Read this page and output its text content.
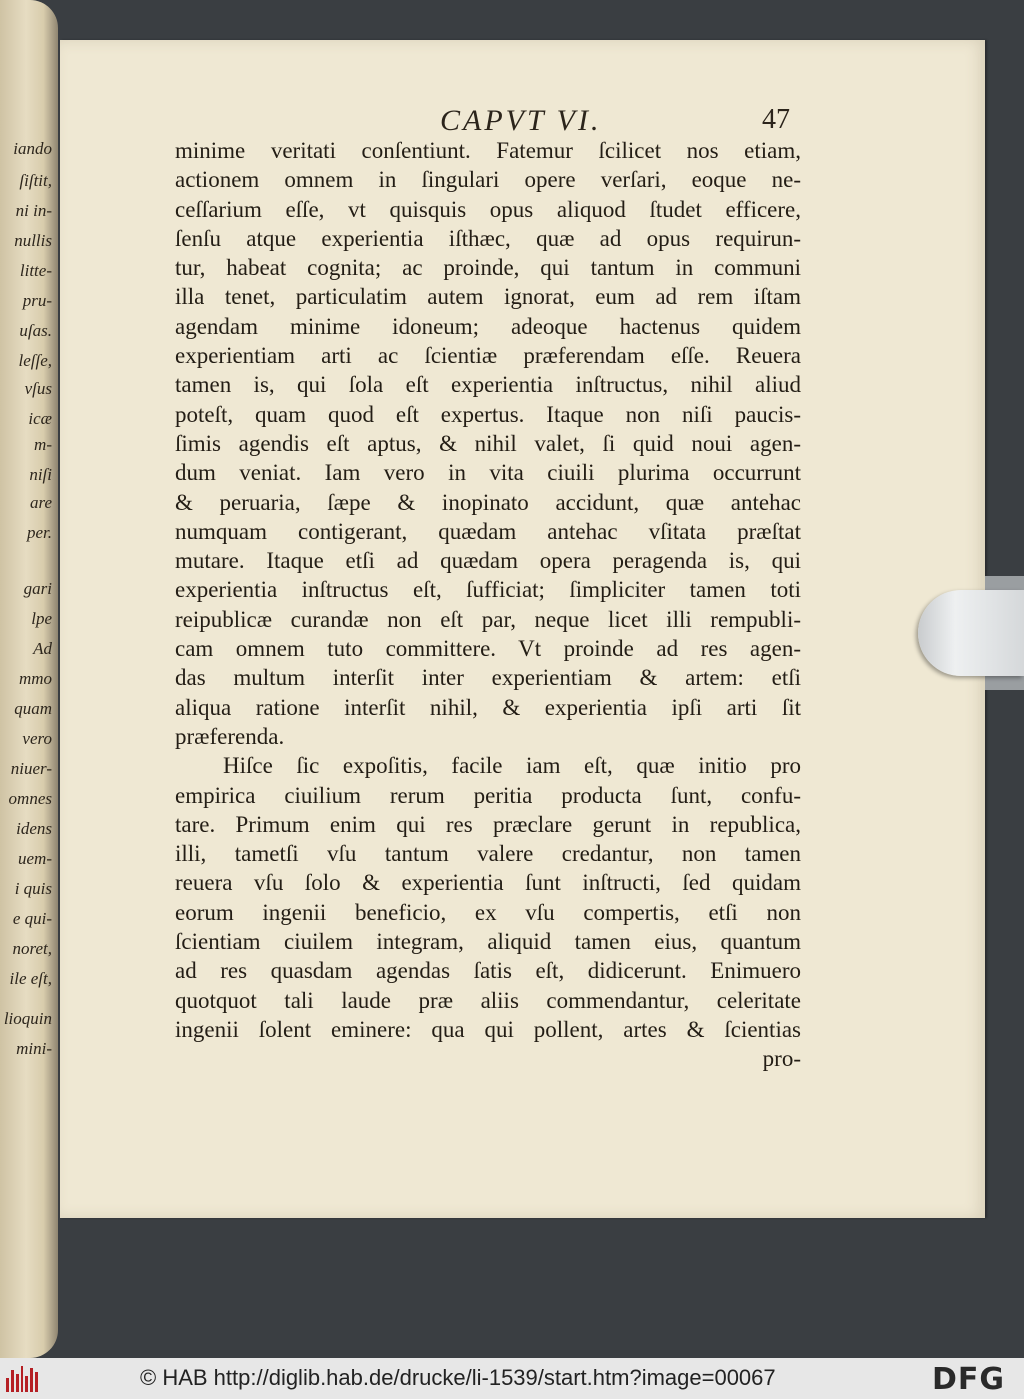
iando
ſiſtit,
ni in-
nullis
litte-
pru-
uſas.
leſſe,
vſus
icæ
m-
niſi
are
per.
gari
lpe
Ad
mmo
quam
vero
niuer-
omnes
idens
uem-
i quis
e qui-
noret,
ile eſt,
lioquin
mini-
CAPVT VI.	47
minime veritati conſentiunt. Fatemur ſcilicet nos etiam,
actionem omnem in ſingulari opere verſari, eoque ne-
ceſſarium eſſe, vt quisquis opus aliquod ſtudet efficere,
ſenſu atque experientia iſthæc, quæ ad opus requirun-
tur, habeat cognita; ac proinde, qui tantum in communi
illa tenet, particulatim autem ignorat, eum ad rem iſtam
agendam minime idoneum; adeoque hactenus quidem
experientiam arti ac ſcientiæ præferendam eſſe. Reuera
tamen is, qui ſola eſt experientia inſtructus, nihil aliud
poteſt, quam quod eſt expertus. Itaque non niſi paucis-
ſimis agendis eſt aptus, & nihil valet, ſi quid noui agen-
dum veniat. Iam vero in vita ciuili plurima occurrunt
& peruaria, ſæpe & inopinato accidunt, quæ antehac
numquam contigerant, quædam antehac vſitata præſtat
mutare. Itaque etſi ad quædam opera peragenda is, qui
experientia inſtructus eſt, ſufficiat; ſimpliciter tamen toti
reipublicæ curandæ non eſt par, neque licet illi rempubli-
cam omnem tuto committere. Vt proinde ad res agen-
das multum interſit inter experientiam & artem: etſi
aliqua ratione interſit nihil, & experientia ipſi arti ſit
præferenda.
Hiſce ſic expoſitis, facile iam eſt, quæ initio pro
empirica ciuilium rerum peritia producta ſunt, confu-
tare. Primum enim qui res præclare gerunt in republica,
illi, tametſi vſu tantum valere credantur, non tamen
reuera vſu ſolo & experientia ſunt inſtructi, ſed quidam
eorum ingenii beneficio, ex vſu compertis, etſi non
ſcientiam ciuilem integram, aliquid tamen eius, quantum
ad res quasdam agendas ſatis eſt, didicerunt. Enimuero
quotquot tali laude præ aliis commendantur, celeritate
ingenii ſolent eminere: qua qui pollent, artes & ſcientias
pro-
© HAB http://diglib.hab.de/drucke/li-1539/start.htm?image=00067	DFG
